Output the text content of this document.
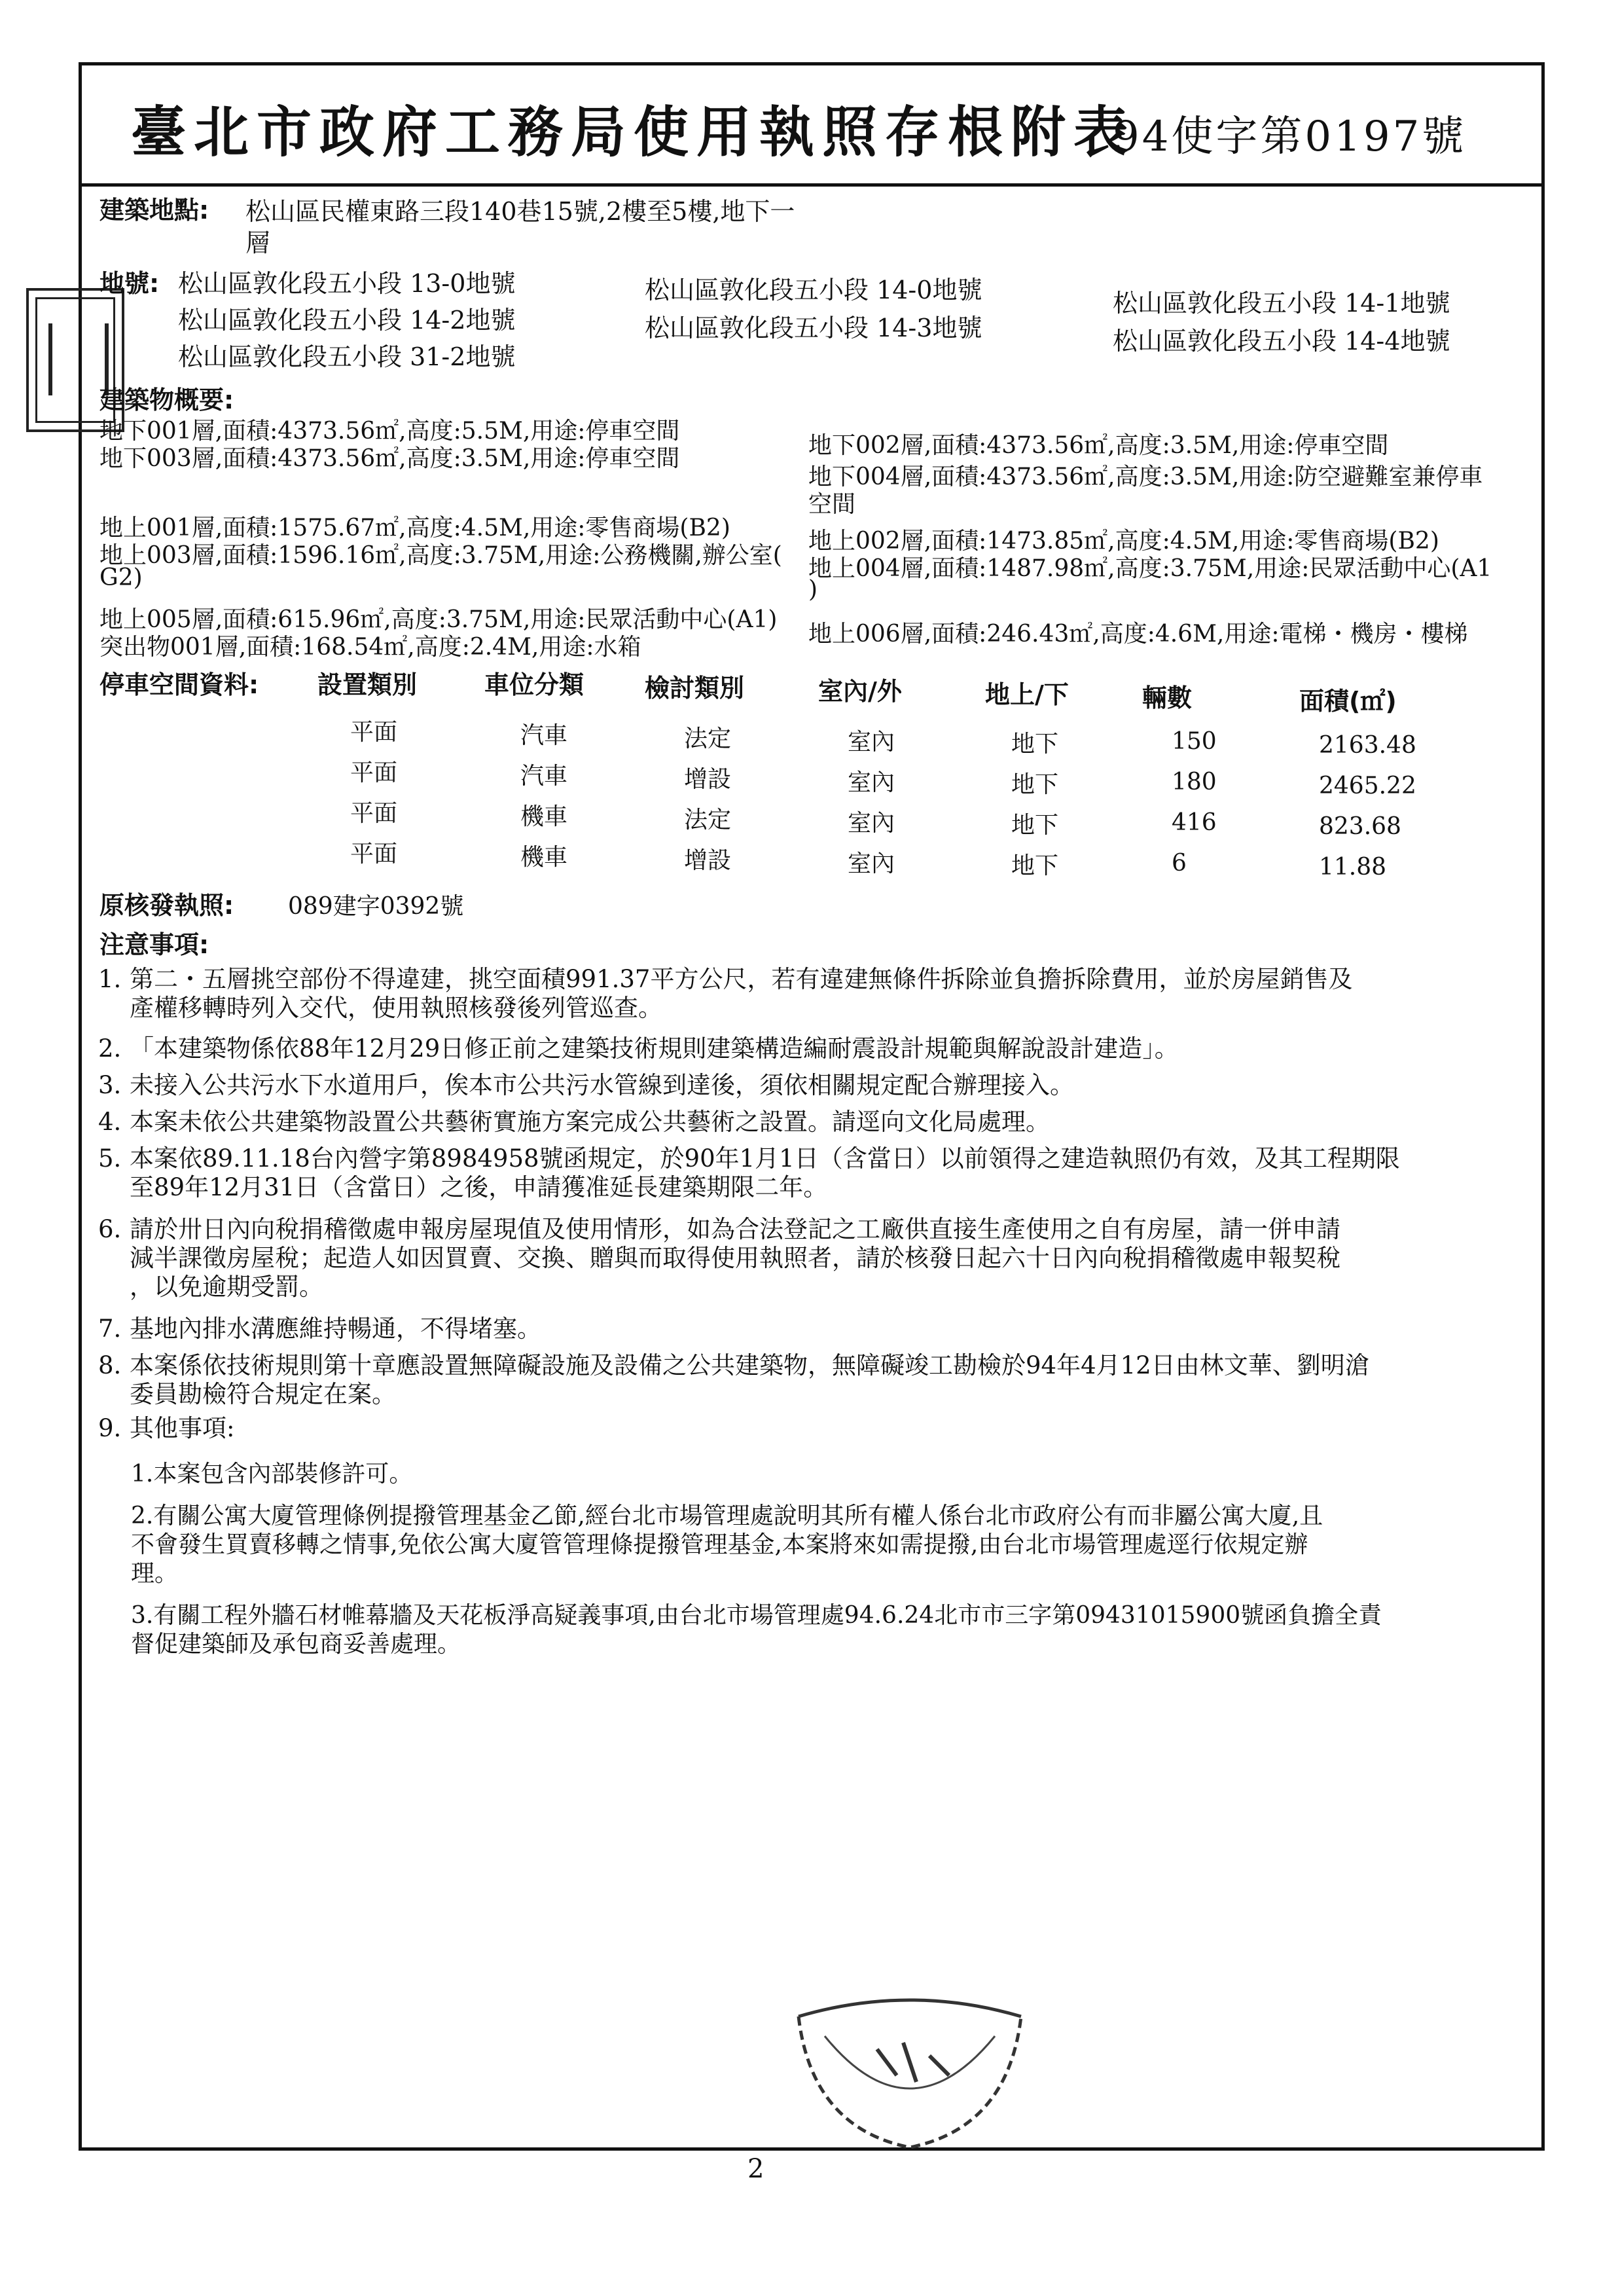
臺北市政府工務局使用執照存根附表
94使字第0197號
建築地點: 松山區民權東路三段140巷15號,2樓至5樓,地下一
層
地號: 松山區敦化段五小段 13-0地號	松山區敦化段五小段 14-0地號	松山區敦化段五小段 14-1地號
松山區敦化段五小段 14-2地號	松山區敦化段五小段 14-3地號	松山區敦化段五小段 14-4地號
松山區敦化段五小段 31-2地號
建築物概要:
地下001層,面積:4373.56㎡,高度:5.5M,用途:停車空間
地下002層,面積:4373.56㎡,高度:3.5M,用途:停車空間
地下003層,面積:4373.56㎡,高度:3.5M,用途:停車空間
地下004層,面積:4373.56㎡,高度:3.5M,用途:防空避難室兼停車
空間
地上001層,面積:1575.67㎡,高度:4.5M,用途:零售商場(B2)	地上002層,面積:1473.85㎡,高度:4.5M,用途:零售商場(B2)
地上003層,面積:1596.16㎡,高度:3.75M,用途:公務機關,辦公室( 地上004層,面積:1487.98㎡,高度:3.75M,用途:民眾活動中心(A1
G2)	)
地上005層,面積:615.96㎡,高度:3.75M,用途:民眾活動中心(A1)
地上006層,面積:246.43㎡,高度:4.6M,用途:電梯・機房・樓梯
突出物001層,面積:168.54㎡,高度:2.4M,用途:水箱
停車空間資料: 設置類別	車位分類 檢討類別	室內/外	地上/下	輛數	面積(㎡)
平面	汽車	法定	室內	地下	150	2163.48
平面	汽車	增設	室內	地下	180	2465.22
平面	機車	法定	室內	地下	416	823.68
平面	機車	增設	室內	地下	6	11.88
原核發執照: 089建字0392號
注意事項:
1. 第二・五層挑空部份不得違建，挑空面積991.37平方公尺，若有違建無條件拆除並負擔拆除費用，並於房屋銷售及
產權移轉時列入交代，使用執照核發後列管巡查。
2. 「本建築物係依88年12月29日修正前之建築技術規則建築構造編耐震設計規範與解說設計建造」。
3. 未接入公共污水下水道用戶，俟本市公共污水管線到達後，須依相關規定配合辦理接入。
4. 本案未依公共建築物設置公共藝術實施方案完成公共藝術之設置。請逕向文化局處理。
5. 本案依89.11.18台內營字第8984958號函規定，於90年1月1日（含當日）以前領得之建造執照仍有效，及其工程期限
至89年12月31日（含當日）之後，申請獲准延長建築期限二年。
6. 請於卅日內向稅捐稽徵處申報房屋現值及使用情形，如為合法登記之工廠供直接生產使用之自有房屋，請一併申請
減半課徵房屋稅；起造人如因買賣、交換、贈與而取得使用執照者，請於核發日起六十日內向稅捐稽徵處申報契稅
，以免逾期受罰。
7. 基地內排水溝應維持暢通，不得堵塞。
8. 本案係依技術規則第十章應設置無障礙設施及設備之公共建築物，無障礙竣工勘檢於94年4月12日由林文華、劉明滄
委員勘檢符合規定在案。
9. 其他事項:
1.本案包含內部裝修許可。
2.有關公寓大廈管理條例提撥管理基金乙節,經台北市場管理處說明其所有權人係台北市政府公有而非屬公寓大廈,且
不會發生買賣移轉之情事,免依公寓大廈管管理條提撥管理基金,本案將來如需提撥,由台北市場管理處逕行依規定辦
理。
3.有關工程外牆石材帷幕牆及天花板淨高疑義事項,由台北市場管理處94.6.24北市市三字第09431015900號函負擔全責
督促建築師及承包商妥善處理。
2
